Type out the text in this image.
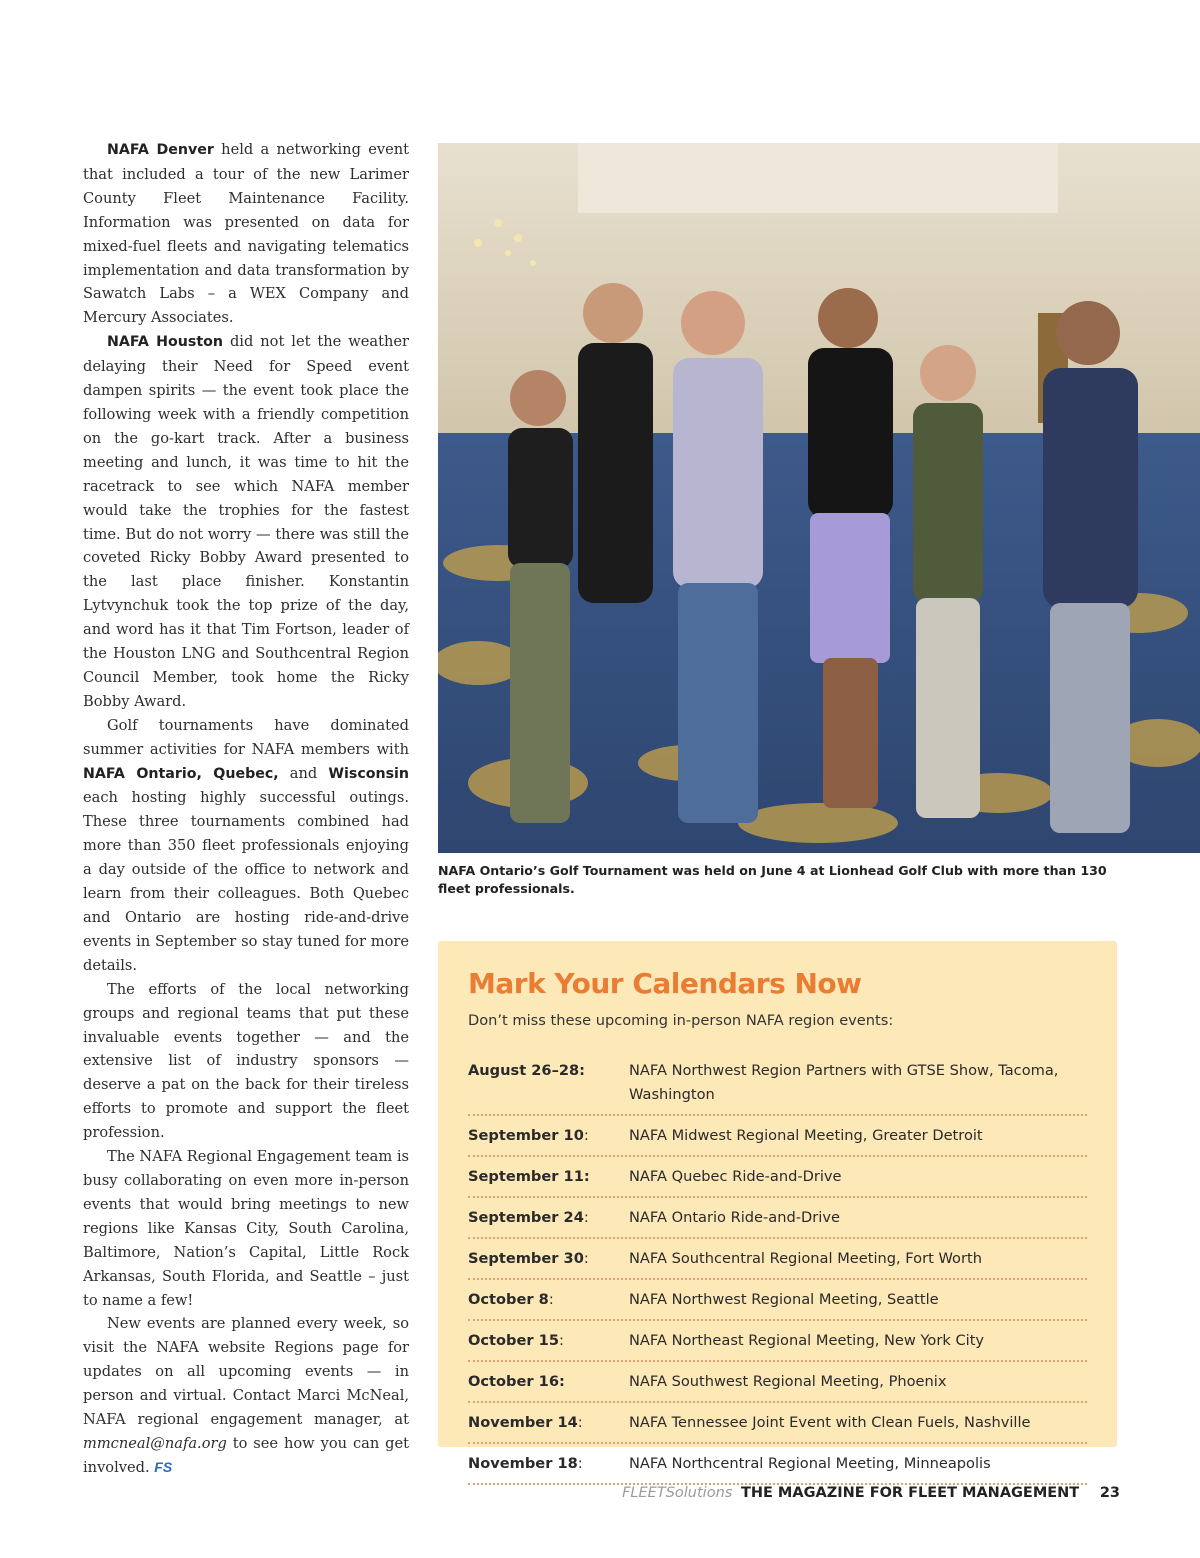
NAFA Denver held a networking event that included a tour of the new Larimer County Fleet Maintenance Facility. Information was presented on data for mixed-fuel fleets and navigating telematics implementation and data transformation by Sawatch Labs – a WEX Company and Mercury Associates.

NAFA Houston did not let the weather delaying their Need for Speed event dampen spirits — the event took place the following week with a friendly competition on the go-kart track. After a business meeting and lunch, it was time to hit the racetrack to see which NAFA member would take the trophies for the fastest time. But do not worry — there was still the coveted Ricky Bobby Award presented to the last place finisher. Konstantin Lytvynchuk took the top prize of the day, and word has it that Tim Fortson, leader of the Houston LNG and Southcentral Region Council Member, took home the Ricky Bobby Award.

Golf tournaments have dominated summer activities for NAFA members with NAFA Ontario, Quebec, and Wisconsin each hosting highly successful outings. These three tournaments combined had more than 350 fleet professionals enjoying a day outside of the office to network and learn from their colleagues. Both Quebec and Ontario are hosting ride-and-drive events in September so stay tuned for more details.

The efforts of the local networking groups and regional teams that put these invaluable events together — and the extensive list of industry sponsors — deserve a pat on the back for their tireless efforts to promote and support the fleet profession.

The NAFA Regional Engagement team is busy collaborating on even more in-person events that would bring meetings to new regions like Kansas City, South Carolina, Baltimore, Nation’s Capital, Little Rock Arkansas, South Florida, and Seattle – just to name a few!

New events are planned every week, so visit the NAFA website Regions page for updates on all upcoming events — in person and virtual. Contact Marci McNeal, NAFA regional engagement manager, at mmcneal@nafa.org to see how you can get involved. FS

NAFA Ontario’s Golf Tournament was held on June 4 at Lionhead Golf Club with more than 130 fleet professionals.
Mark Your Calendars Now
Don’t miss these upcoming in-person NAFA region events:
August 26–28:	NAFA Northwest Region Partners with GTSE Show, Tacoma, Washington
September 10:	NAFA Midwest Regional Meeting, Greater Detroit
September 11:	NAFA Quebec Ride-and-Drive
September 24:	NAFA Ontario Ride-and-Drive
September 30:	NAFA Southcentral Regional Meeting, Fort Worth
October 8:	NAFA Northwest Regional Meeting, Seattle
October 15:	NAFA Northeast Regional Meeting, New York City
October 16:	NAFA Southwest Regional Meeting, Phoenix
November 14:	NAFA Tennessee Joint Event with Clean Fuels, Nashville
November 18:	NAFA Northcentral Regional Meeting, Minneapolis
FLEETSolutions THE MAGAZINE FOR FLEET MANAGEMENT 23
